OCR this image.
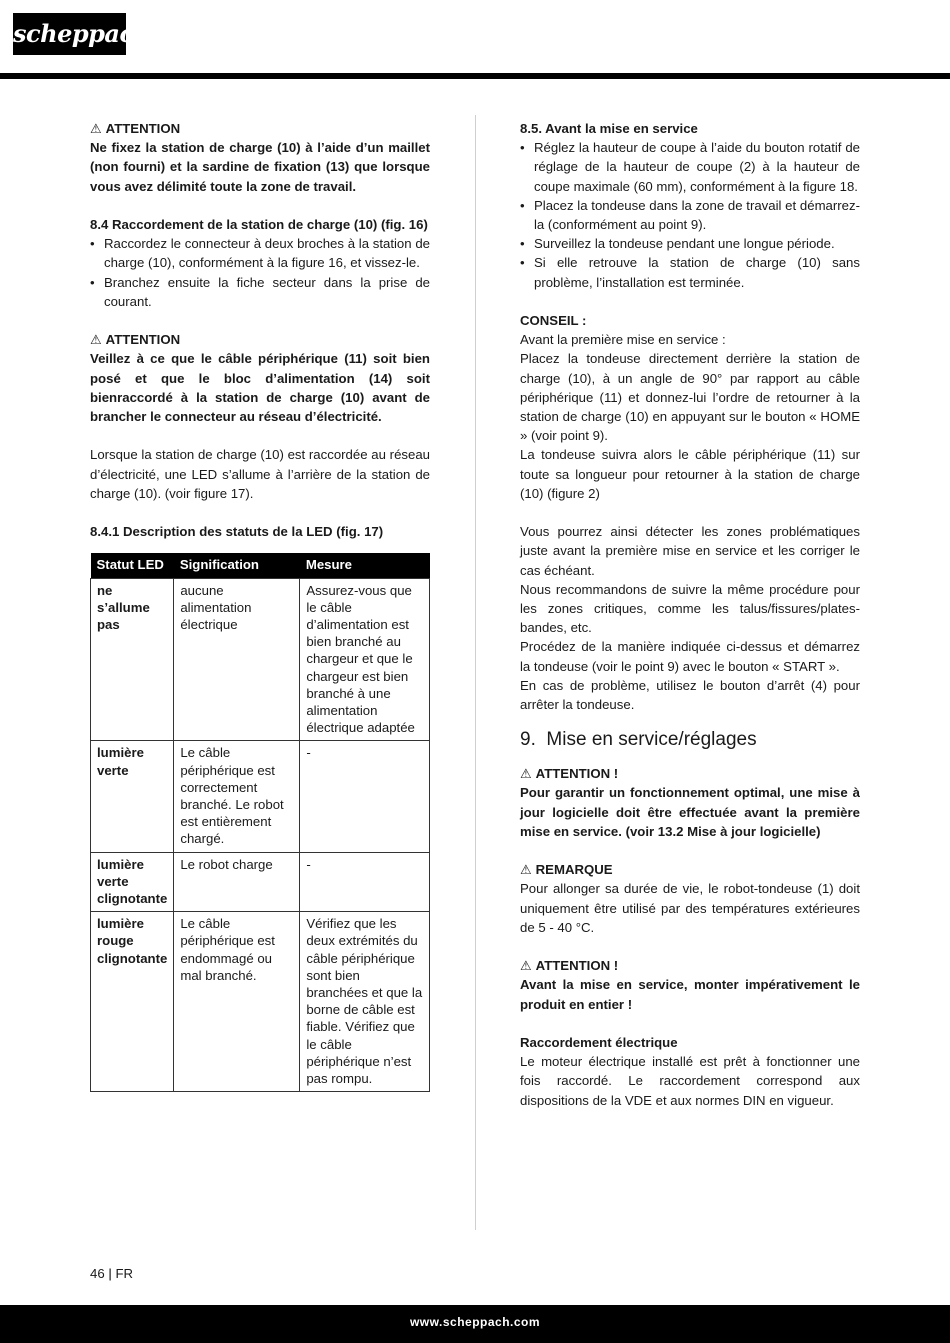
scheppach
⚠ ATTENTION

Ne fixez la station de charge (10) à l’aide d’un maillet (non fourni) et la sardine de fixation (13) que lorsque vous avez délimité toute la zone de travail.

8.4 Raccordement de la station de charge (10) (fig. 16)
• Raccordez le connecteur à deux broches à la station de charge (10), conformément à la figure 16, et vissez-le.
• Branchez ensuite la fiche secteur dans la prise de courant.
⚠ ATTENTION

Veillez à ce que le câble périphérique (11) soit bien posé et que le bloc d’alimentation (14) soit bienraccordé à la station de charge (10) avant de brancher le connecteur au réseau d’électricité.

Lorsque la station de charge (10) est raccordée au réseau d’électricité, une LED s’allume à l’arrière de la station de charge (10). (voir figure 17).

8.4.1 Description des statuts de la LED (fig. 17)
Statut LED	Signification	Mesure
ne s’allume pas	aucune alimentation électrique	Assurez-vous que le câble d’alimentation est bien branché au chargeur et que le chargeur est bien branché à une alimentation électrique adaptée
lumière verte	Le câble périphérique est correctement branché. Le robot est entièrement chargé.	-
lumière verte clignotante	Le robot charge	-
lumière rouge clignotante	Le câble périphérique est endommagé ou mal branché.	Vérifiez que les deux extrémités du câble périphérique sont bien branchées et que la borne de câble est fiable. Vérifiez que le câble périphérique n’est pas rompu.
8.5. Avant la mise en service
• Réglez la hauteur de coupe à l’aide du bouton rotatif de réglage de la hauteur de coupe (2) à la hauteur de coupe maximale (60 mm), conformément à la figure 18.
• Placez la tondeuse dans la zone de travail et démarrez-la (conformément au point 9).
• Surveillez la tondeuse pendant une longue période.
• Si elle retrouve la station de charge (10) sans problème, l’installation est terminée.
CONSEIL :

Avant la première mise en service :

Placez la tondeuse directement derrière la station de charge (10), à un angle de 90° par rapport au câble périphérique (11) et donnez-lui l’ordre de retourner à la station de charge (10) en appuyant sur le bouton « HOME » (voir point 9).

La tondeuse suivra alors le câble périphérique (11) sur toute sa longueur pour retourner à la station de charge (10) (figure 2)

Vous pourrez ainsi détecter les zones problématiques juste avant la première mise en service et les corriger le cas échéant.

Nous recommandons de suivre la même procédure pour les zones critiques, comme les talus/fissures/plates-bandes, etc.

Procédez de la manière indiquée ci-dessus et démarrez la tondeuse (voir le point 9) avec le bouton « START ».

En cas de problème, utilisez le bouton d’arrêt (4) pour arrêter la tondeuse.

9. Mise en service/réglages
⚠ ATTENTION !

Pour garantir un fonctionnement optimal, une mise à jour logicielle doit être effectuée avant la première mise en service. (voir 13.2 Mise à jour logicielle)

⚠ REMARQUE

Pour allonger sa durée de vie, le robot-tondeuse (1) doit uniquement être utilisé par des températures extérieures de 5 - 40 °C.

⚠ ATTENTION !

Avant la mise en service, monter impérativement le produit en entier !

Raccordement électrique

Le moteur électrique installé est prêt à fonctionner une fois raccordé. Le raccordement correspond aux dispositions de la VDE et aux normes DIN en vigueur.

46 | FR
www.scheppach.com
